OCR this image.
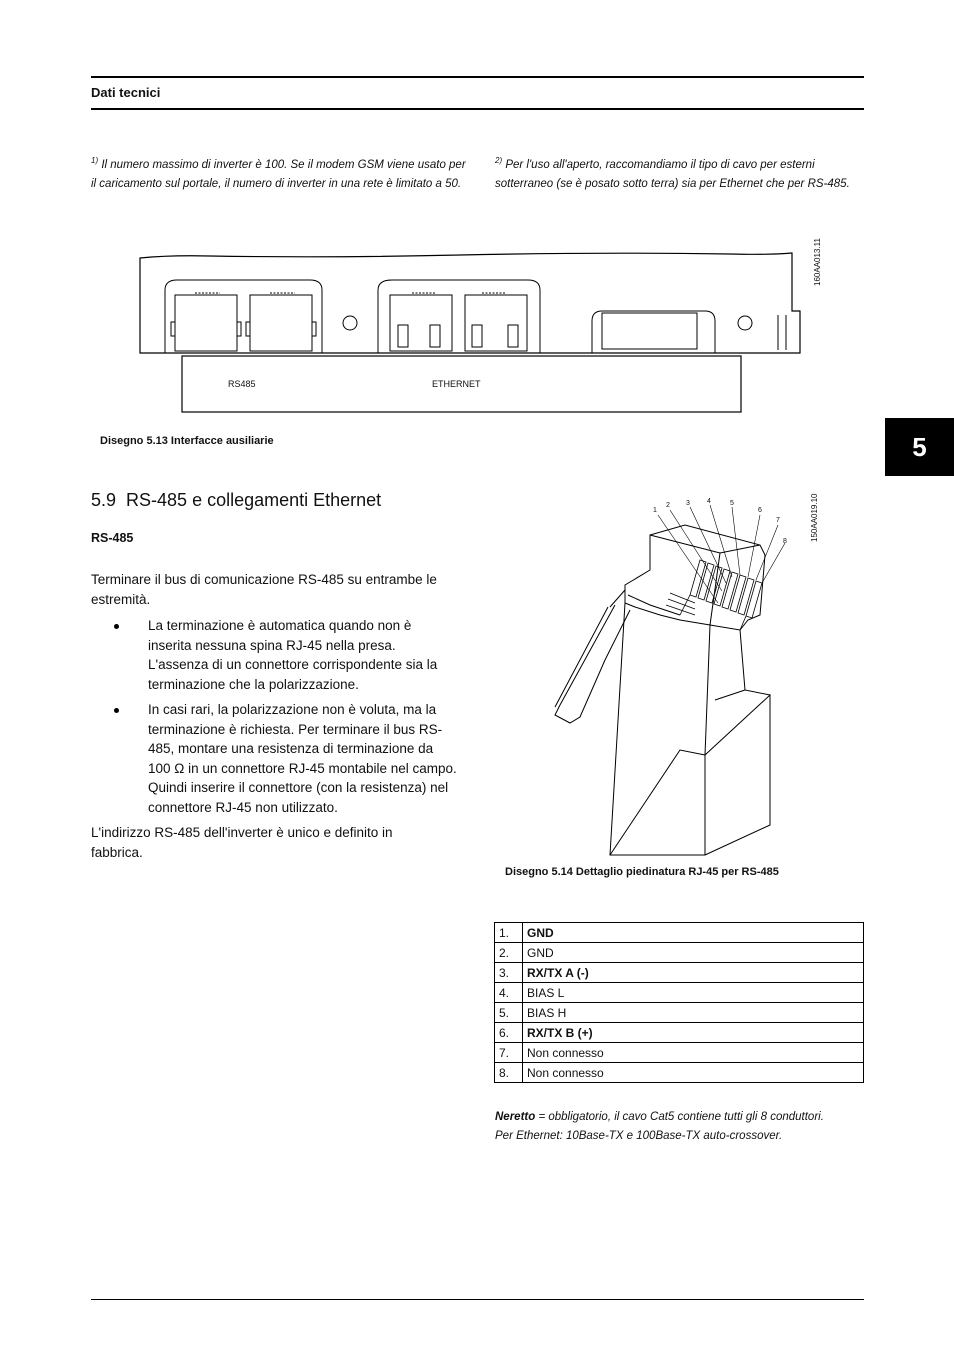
Dati tecnici
$^{1)}$ Il numero massimo di inverter è 100. Se il modem GSM viene usato per il caricamento sul portale, il numero di inverter in una rete è limitato a 50.
$^{2)}$ Per l'uso all'aperto, raccomandiamo il tipo di cavo per esterni sotterraneo (se è posato sotto terra) sia per Ethernet che per RS-485.
160AA013.11
RS485	ETHERNET
Disegno 5.13 Interfacce ausiliarie	5
5.9 RS-485 e collegamenti Ethernet
RS-485
Terminare il bus di comunicazione RS-485 su entrambe le estremità.
La terminazione è automatica quando non è inserita nessuna spina RJ-45 nella presa. L'assenza di un connettore corrispondente sia la terminazione che la polarizzazione.
In casi rari, la polarizzazione non è voluta, ma la terminazione è richiesta. Per terminare il bus RS-485, montare una resistenza di terminazione da 100 Ω in un connettore RJ-45 montabile nel campo. Quindi inserire il connettore (con la resistenza) nel connettore RJ-45 non utilizzato.
L'indirizzo RS-485 dell'inverter è unico e definito in fabbrica.
1
2 3 4	5
6
7
8	150AA019.10
Disegno 5.14 Dettaglio piedinatura RJ-45 per RS-485
1.	GND
2.	GND
3.	RX/TX A (-)
4.	BIAS L
5.	BIAS H
6.	RX/TX B (+)
7.	Non connesso
8.	Non connesso
Neretto = obbligatorio, il cavo Cat5 contiene tutti gli 8 conduttori.
Per Ethernet: 10Base-TX e 100Base-TX auto-crossover.
